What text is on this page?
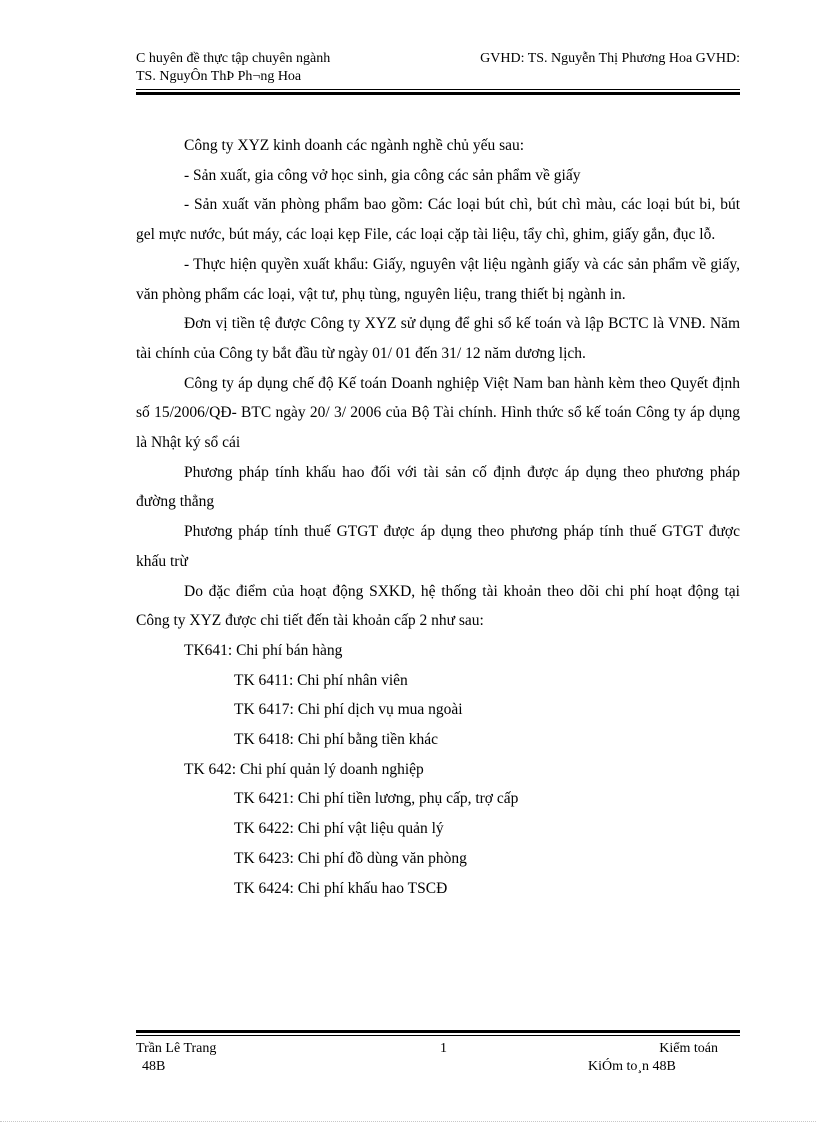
C huyên đề thực tập chuyên ngành	GVHD: TS. Nguyễn Thị Phương Hoa GVHD:
TS. NguyÔn ThÞ Ph¬ng Hoa

Công ty XYZ kinh doanh các ngành nghề chủ yếu sau:

- Sản xuất, gia công vở học sinh, gia công các sản phẩm về giấy

- Sản xuất văn phòng phẩm bao gồm: Các loại bút chì, bút chì màu, các loại bút bi, bút gel mực nước, bút máy, các loại kẹp File, các loại cặp tài liệu, tẩy chì, ghim, giấy gắn, đục lỗ.

- Thực hiện quyền xuất khẩu: Giấy, nguyên vật liệu ngành giấy và các sản phẩm về giấy, văn phòng phẩm các loại, vật tư, phụ tùng, nguyên liệu, trang thiết bị ngành in.

Đơn vị tiền tệ được Công ty XYZ sử dụng để ghi sổ kế toán và lập BCTC là VNĐ. Năm tài chính của Công ty bắt đầu từ ngày 01/ 01 đến 31/ 12 năm dương lịch.

Công ty áp dụng chế độ Kế toán Doanh nghiệp Việt Nam ban hành kèm theo Quyết định số 15/2006/QĐ- BTC ngày 20/ 3/ 2006 của Bộ Tài chính. Hình thức sổ kế toán Công ty áp dụng là Nhật ký sổ cái

Phương pháp tính khấu hao đối với tài sản cố định được áp dụng theo phương pháp đường thẳng

Phương pháp tính thuế GTGT được áp dụng theo phương pháp tính thuế GTGT được khấu trừ

Do đặc điểm của hoạt động SXKD, hệ thống tài khoản theo dõi chi phí hoạt động tại Công ty XYZ được chi tiết đến tài khoản cấp 2 như sau:

TK641: Chi phí bán hàng

TK 6411: Chi phí nhân viên

TK 6417: Chi phí dịch vụ mua ngoài

TK 6418: Chi phí bằng tiền khác

TK 642: Chi phí quản lý doanh nghiệp

TK 6421: Chi phí tiền lương, phụ cấp, trợ cấp

TK 6422: Chi phí vật liệu quản lý

TK 6423: Chi phí đồ dùng văn phòng

TK 6424: Chi phí khấu hao TSCĐ

Trần Lê Trang
48B
1	Kiểm toán
KiÓm to¸n 48B
